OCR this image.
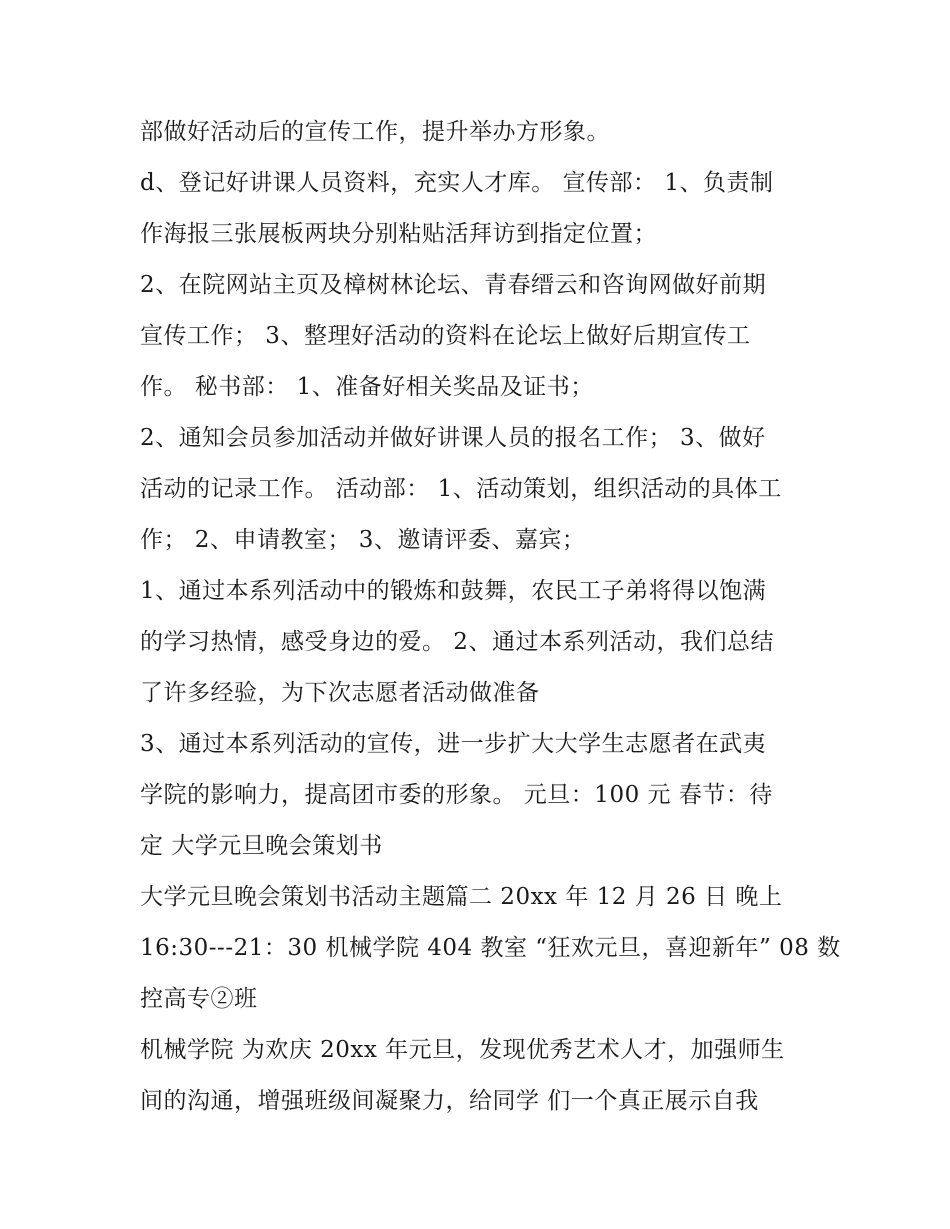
部做好活动后的宣传工作，提升举办方形象。

d、登记好讲课人员资料，充实人才库。 宣传部： 1、负责制
作海报三张展板两块分别粘贴活拜访到指定位置；

2、在院网站主页及樟树林论坛、青春缙云和咨询网做好前期
宣传工作； 3、整理好活动的资料在论坛上做好后期宣传工
作。 秘书部： 1、准备好相关奖品及证书；

2、通知会员参加活动并做好讲课人员的报名工作； 3、做好
活动的记录工作。 活动部： 1、活动策划，组织活动的具体工
作； 2、申请教室； 3、邀请评委、嘉宾；

1、通过本系列活动中的锻炼和鼓舞，农民工子弟将得以饱满
的学习热情，感受身边的爱。 2、通过本系列活动，我们总结
了许多经验，为下次志愿者活动做准备

3、通过本系列活动的宣传，进一步扩大大学生志愿者在武夷
学院的影响力，提高团市委的形象。 元旦：100 元 春节：待
定 大学元旦晚会策划书

大学元旦晚会策划书活动主题篇二 20xx 年 12 月 26 日 晚上
16:30---21：30 机械学院 404 教室 “狂欢元旦，喜迎新年” 08 数
控高专②班

机械学院 为欢庆 20xx 年元旦，发现优秀艺术人才，加强师生
间的沟通，增强班级间凝聚力，给同学 们一个真正展示自我
